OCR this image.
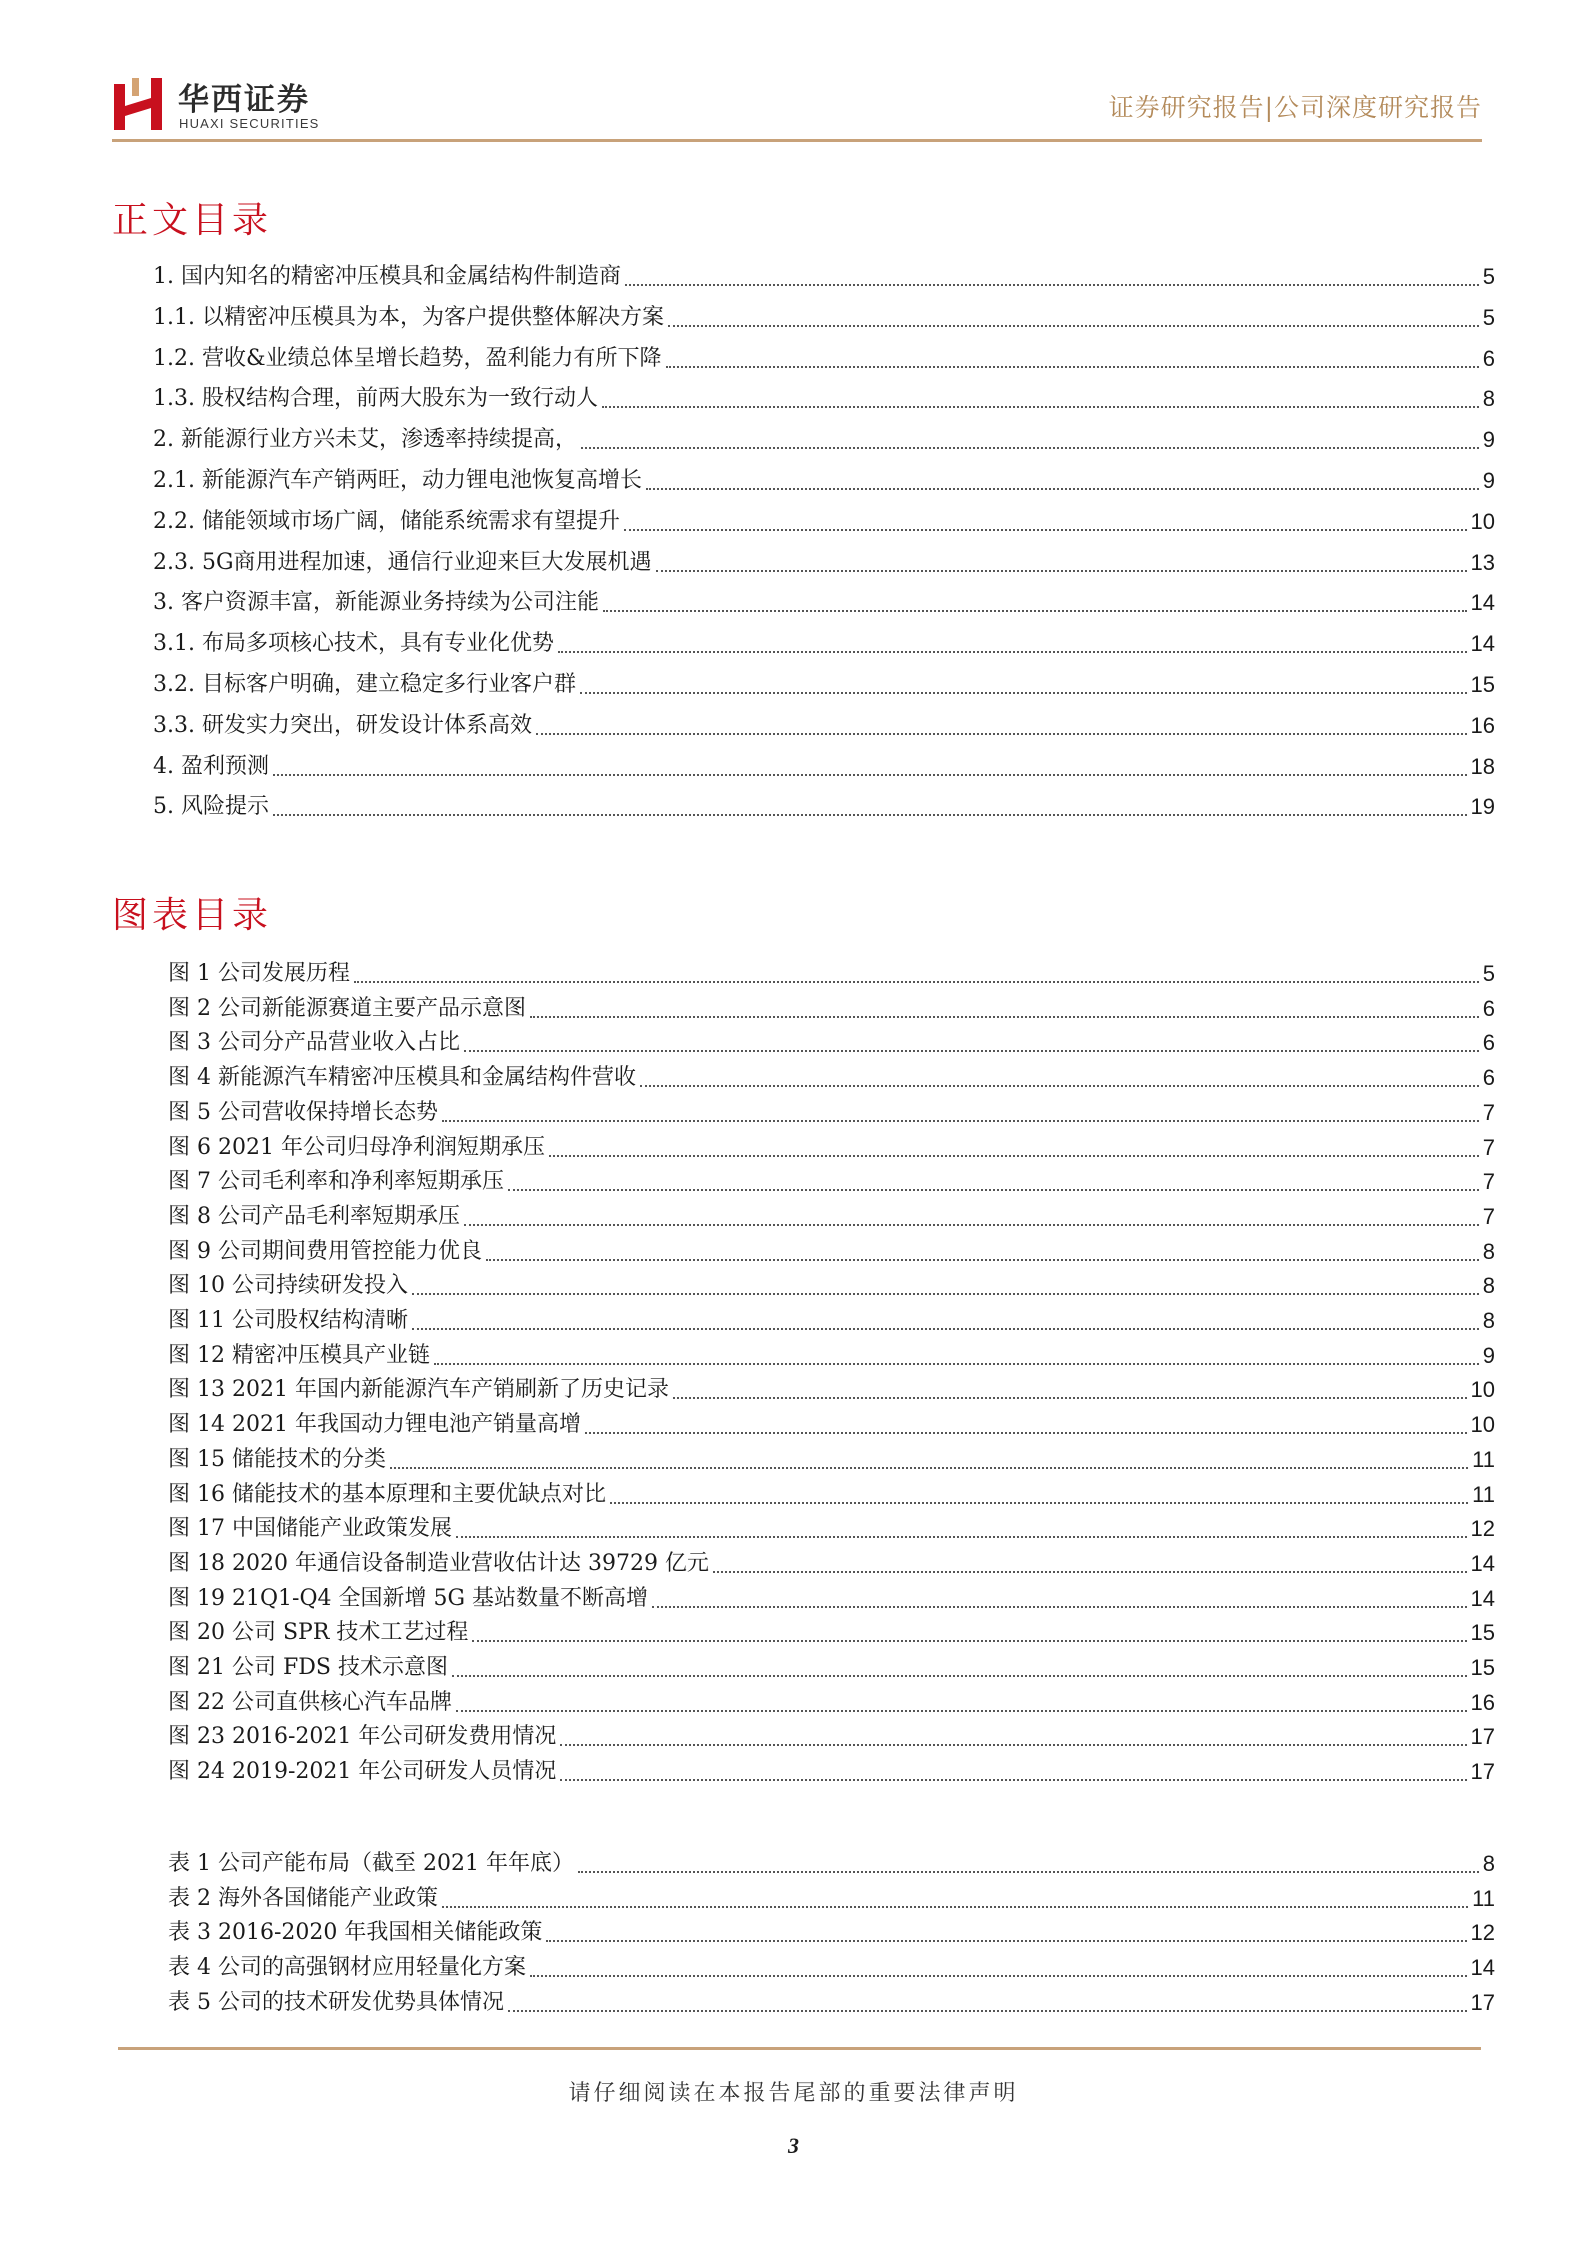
华西证券
HUAXI SECURITIES
证券研究报告|公司深度研究报告
正文目录
1. 国内知名的精密冲压模具和金属结构件制造商	5
1.1. 以精密冲压模具为本，为客户提供整体解决方案	5
1.2. 营收&业绩总体呈增长趋势，盈利能力有所下降	6
1.3. 股权结构合理，前两大股东为一致行动人	8
2. 新能源行业方兴未艾，渗透率持续提高，	9
2.1. 新能源汽车产销两旺，动力锂电池恢复高增长	9
2.2. 储能领域市场广阔，储能系统需求有望提升	10
2.3. 5G商用进程加速，通信行业迎来巨大发展机遇	13
3. 客户资源丰富，新能源业务持续为公司注能	14
3.1. 布局多项核心技术，具有专业化优势	14
3.2. 目标客户明确，建立稳定多行业客户群	15
3.3. 研发实力突出，研发设计体系高效	16
4. 盈利预测	18
5. 风险提示	19
图表目录
图 1 公司发展历程	5
图 2 公司新能源赛道主要产品示意图	6
图 3 公司分产品营业收入占比	6
图 4 新能源汽车精密冲压模具和金属结构件营收	6
图 5 公司营收保持增长态势	7
图 6 2021 年公司归母净利润短期承压	7
图 7 公司毛利率和净利率短期承压	7
图 8 公司产品毛利率短期承压	7
图 9 公司期间费用管控能力优良	8
图 10 公司持续研发投入	8
图 11 公司股权结构清晰	8
图 12 精密冲压模具产业链	9
图 13 2021 年国内新能源汽车产销刷新了历史记录	10
图 14 2021 年我国动力锂电池产销量高增	10
图 15 储能技术的分类	11
图 16 储能技术的基本原理和主要优缺点对比	11
图 17 中国储能产业政策发展	12
图 18 2020 年通信设备制造业营收估计达 39729 亿元	14
图 19 21Q1-Q4 全国新增 5G 基站数量不断高增	14
图 20 公司 SPR 技术工艺过程	15
图 21 公司 FDS 技术示意图	15
图 22 公司直供核心汽车品牌	16
图 23 2016-2021 年公司研发费用情况	17
图 24 2019-2021 年公司研发人员情况	17
表 1 公司产能布局（截至 2021 年年底）	8
表 2 海外各国储能产业政策	11
表 3 2016-2020 年我国相关储能政策	12
表 4 公司的高强钢材应用轻量化方案	14
表 5 公司的技术研发优势具体情况	17
请仔细阅读在本报告尾部的重要法律声明
3
